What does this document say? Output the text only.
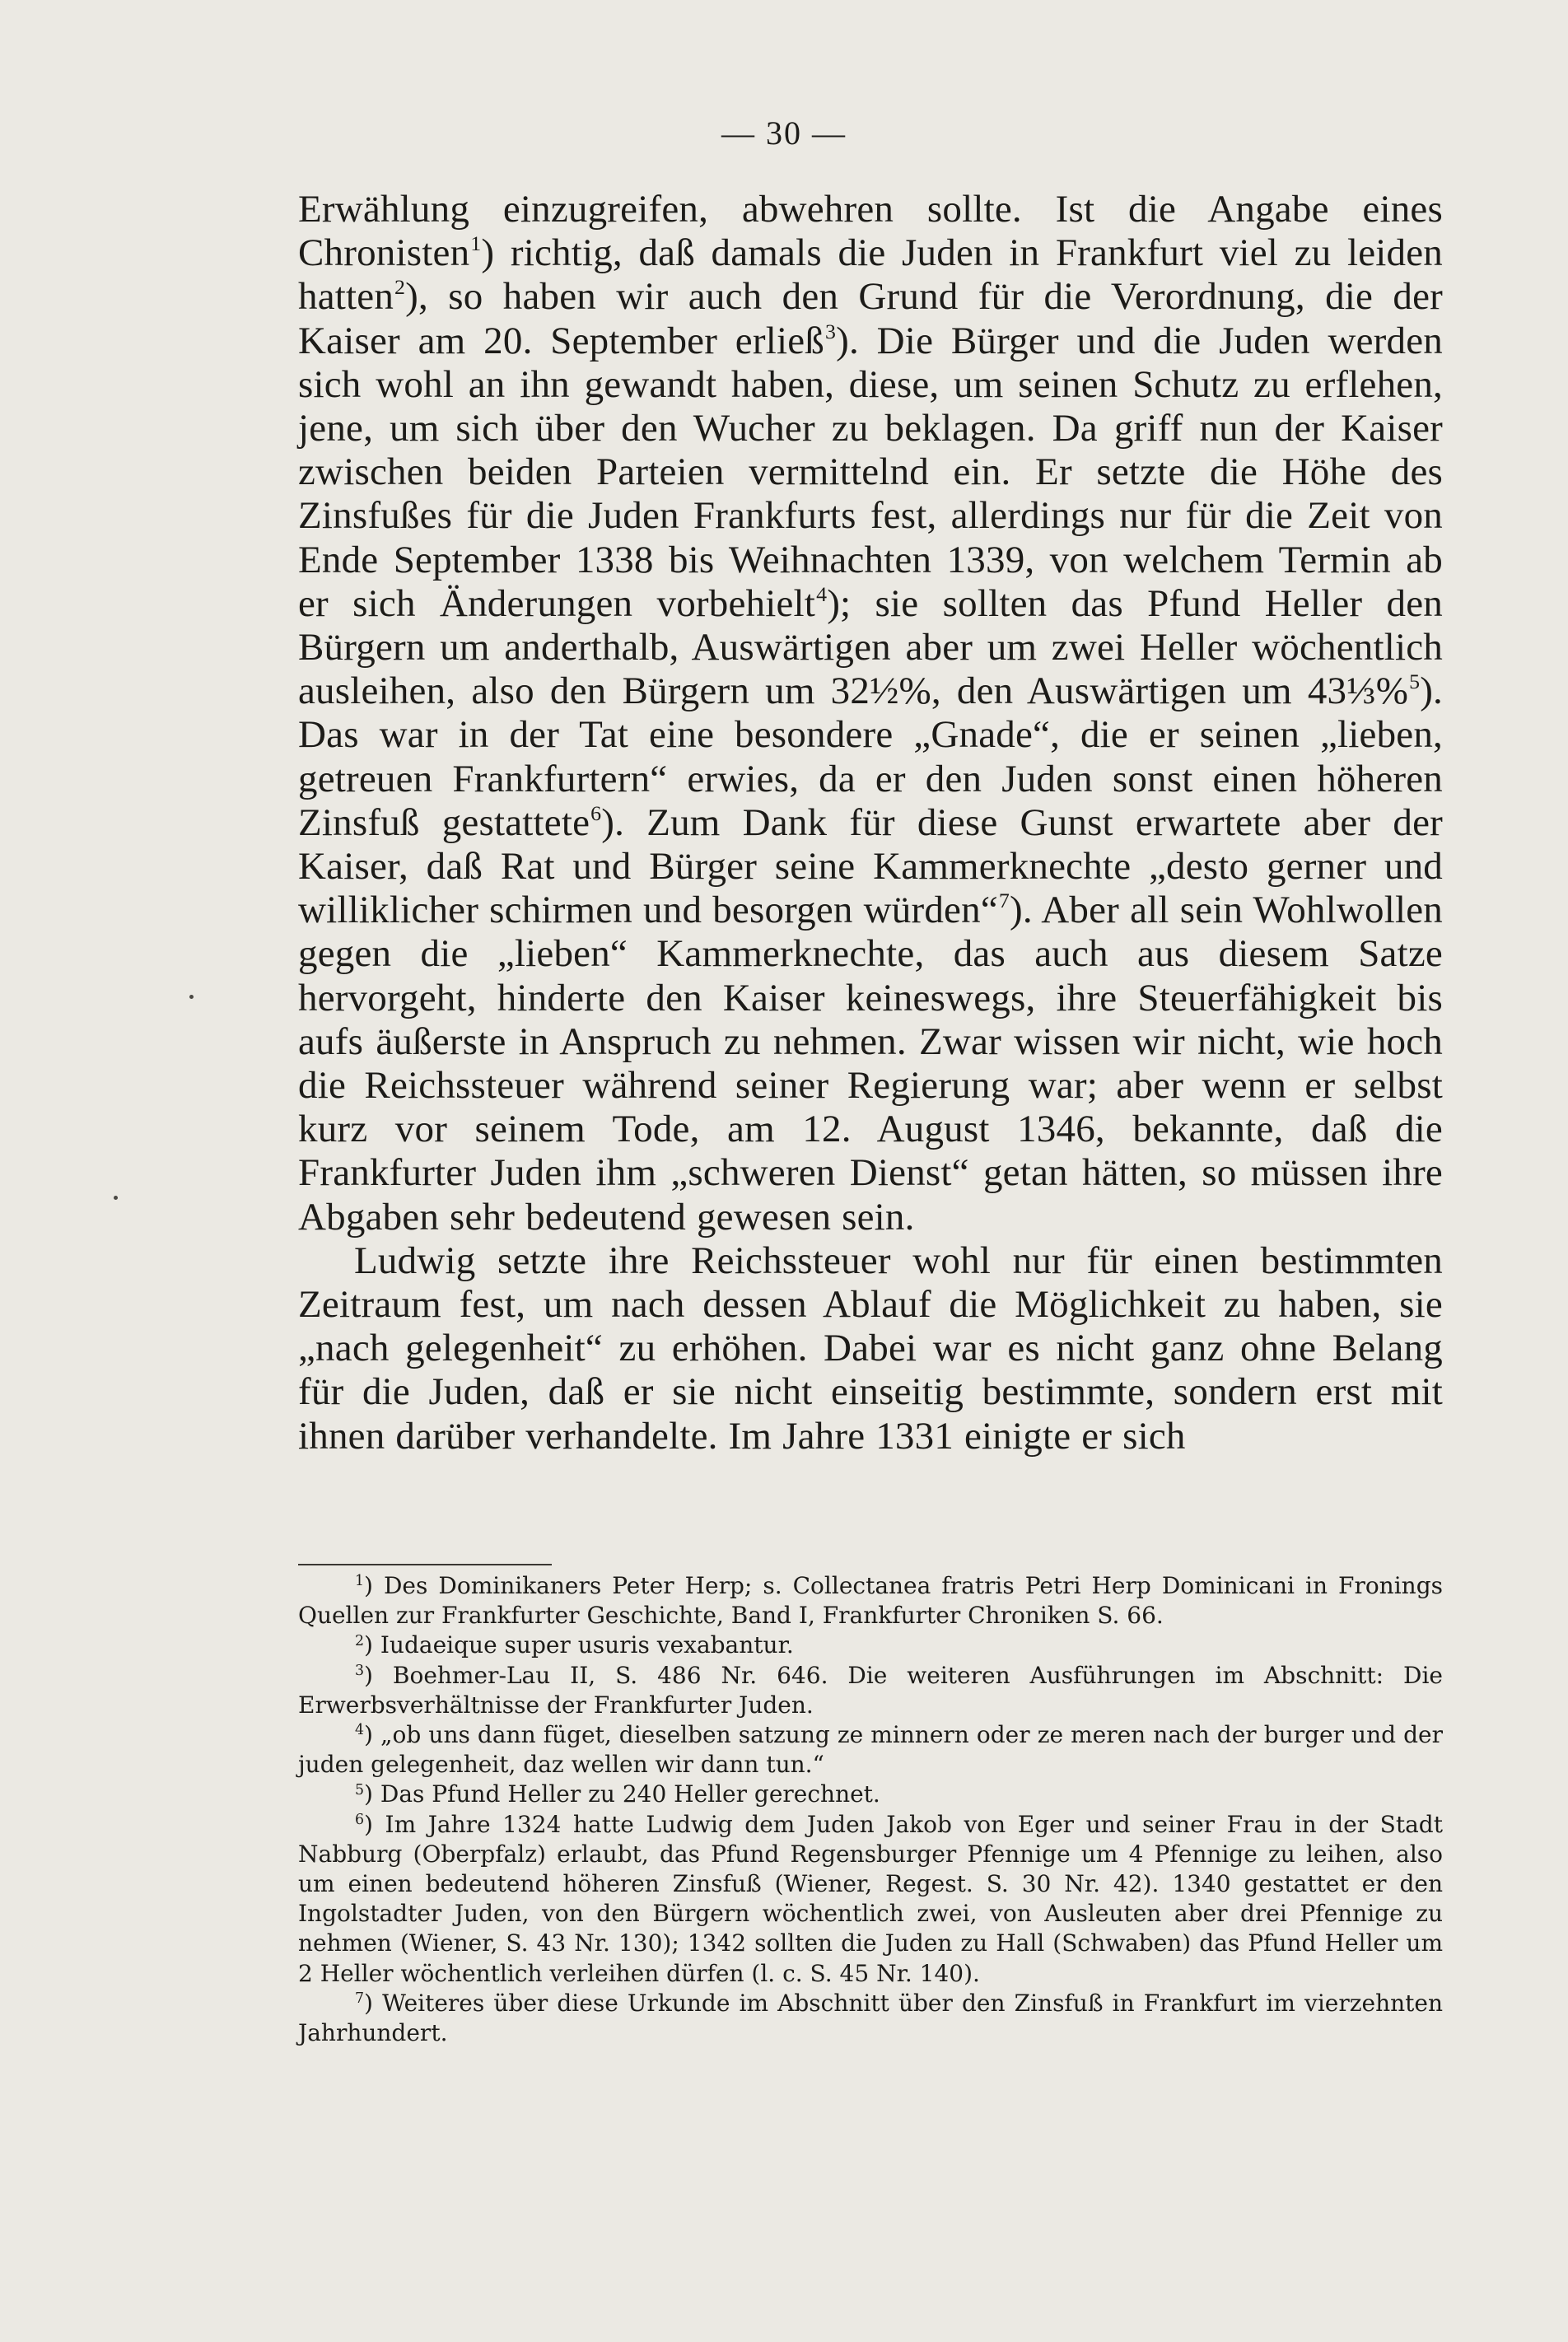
— 30 —

Erwählung einzugreifen, abwehren sollte. Ist die Angabe eines Chronisten$^1$) richtig, daß damals die Juden in Frankfurt viel zu leiden hatten$^2$), so haben wir auch den Grund für die Verordnung, die der Kaiser am 20. September erließ$^3$). Die Bürger und die Juden werden sich wohl an ihn gewandt haben, diese, um seinen Schutz zu erflehen, jene, um sich über den Wucher zu beklagen. Da griff nun der Kaiser zwischen beiden Parteien vermittelnd ein. Er setzte die Höhe des Zinsfußes für die Juden Frankfurts fest, allerdings nur für die Zeit von Ende September 1338 bis Weihnachten 1339, von welchem Termin ab er sich Änderungen vorbehielt$^4$); sie sollten das Pfund Heller den Bürgern um anderthalb, Auswärtigen aber um zwei Heller wöchentlich ausleihen, also den Bürgern um 32½%, den Auswärtigen um 43⅓%$^5$). Das war in der Tat eine besondere „Gnade“, die er seinen „lieben, getreuen Frankfurtern“ erwies, da er den Juden sonst einen höheren Zinsfuß gestattete$^6$). Zum Dank für diese Gunst erwartete aber der Kaiser, daß Rat und Bürger seine Kammerknechte „desto gerner und williklicher schirmen und besorgen würden“$^7$). Aber all sein Wohlwollen gegen die „lieben“ Kammerknechte, das auch aus diesem Satze hervorgeht, hinderte den Kaiser keineswegs, ihre Steuerfähigkeit bis aufs äußerste in Anspruch zu nehmen. Zwar wissen wir nicht, wie hoch die Reichssteuer während seiner Regierung war; aber wenn er selbst kurz vor seinem Tode, am 12. August 1346, bekannte, daß die Frankfurter Juden ihm „schweren Dienst“ getan hätten, so müssen ihre Abgaben sehr bedeutend gewesen sein.

Ludwig setzte ihre Reichssteuer wohl nur für einen bestimmten Zeitraum fest, um nach dessen Ablauf die Möglichkeit zu haben, sie „nach gelegenheit“ zu erhöhen. Dabei war es nicht ganz ohne Belang für die Juden, daß er sie nicht einseitig bestimmte, sondern erst mit ihnen darüber verhandelte. Im Jahre 1331 einigte er sich

$^1$) Des Dominikaners Peter Herp; s. Collectanea fratris Petri Herp Dominicani in Fronings Quellen zur Frankfurter Geschichte, Band I, Frankfurter Chroniken S. 66.

$^2$) Iudaeique super usuris vexabantur.

$^3$) Boehmer-Lau II, S. 486 Nr. 646. Die weiteren Ausführungen im Abschnitt: Die Erwerbsverhältnisse der Frankfurter Juden.

$^4$) „ob uns dann füget, dieselben satzung ze minnern oder ze meren nach der burger und der juden gelegenheit, daz wellen wir dann tun.“

$^5$) Das Pfund Heller zu 240 Heller gerechnet.

$^6$) Im Jahre 1324 hatte Ludwig dem Juden Jakob von Eger und seiner Frau in der Stadt Nabburg (Oberpfalz) erlaubt, das Pfund Regensburger Pfennige um 4 Pfennige zu leihen, also um einen bedeutend höheren Zinsfuß (Wiener, Regest. S. 30 Nr. 42). 1340 gestattet er den Ingolstadter Juden, von den Bürgern wöchentlich zwei, von Ausleuten aber drei Pfennige zu nehmen (Wiener, S. 43 Nr. 130); 1342 sollten die Juden zu Hall (Schwaben) das Pfund Heller um 2 Heller wöchentlich verleihen dürfen (l. c. S. 45 Nr. 140).

$^7$) Weiteres über diese Urkunde im Abschnitt über den Zinsfuß in Frankfurt im vierzehnten Jahrhundert.
